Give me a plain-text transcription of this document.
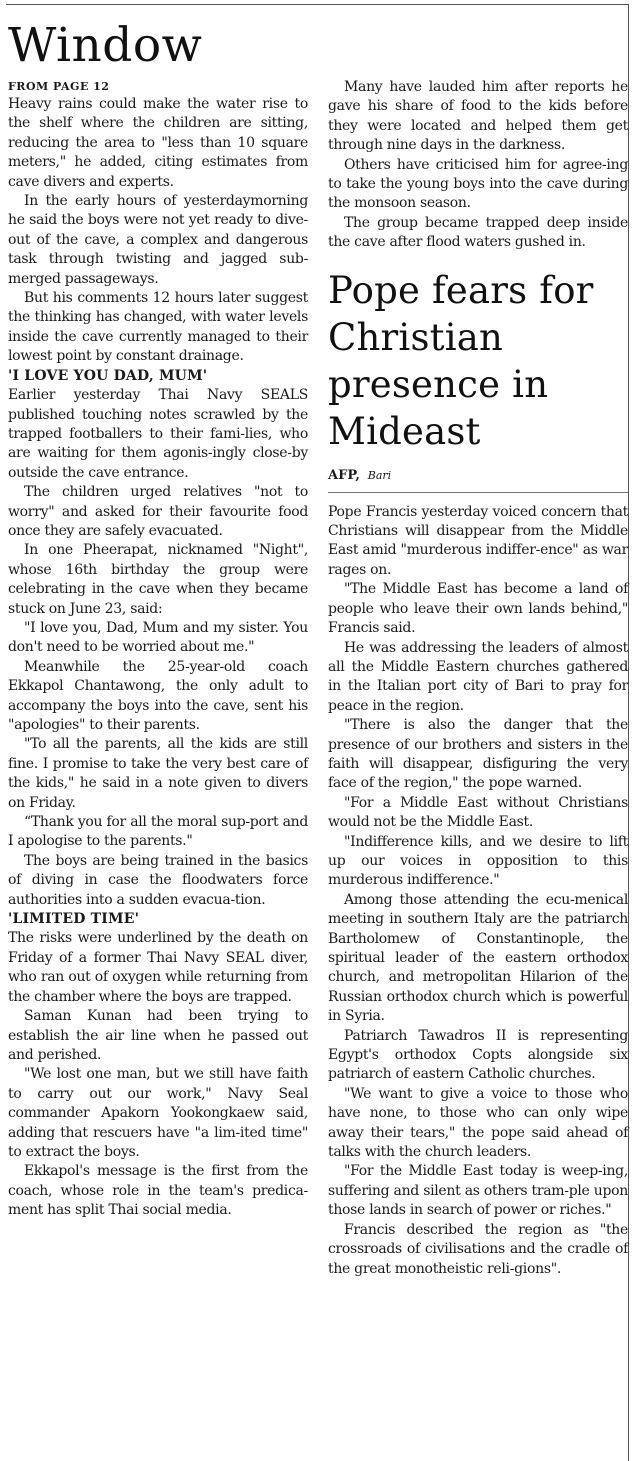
Window
FROM PAGE 12

Heavy rains could make the water rise to the shelf where the children are sitting, reducing the area to "less than 10 square meters," he added, citing estimates from cave divers and experts.

In the early hours of yesterdaymorning he said the boys were not yet ready to dive-out of the cave, a complex and dangerous task through twisting and jagged sub-merged passageways.

But his comments 12 hours later suggest the thinking has changed, with water levels inside the cave currently managed to their lowest point by constant drainage.

'I LOVE YOU DAD, MUM'

Earlier yesterday Thai Navy SEALS published touching notes scrawled by the trapped footballers to their fami-lies, who are waiting for them agonis-ingly close-by outside the cave entrance.

The children urged relatives "not to worry" and asked for their favourite food once they are safely evacuated.

In one Pheerapat, nicknamed "Night", whose 16th birthday the group were celebrating in the cave when they became stuck on June 23, said:

"I love you, Dad, Mum and my sister. You don't need to be worried about me."

Meanwhile the 25-year-old coach Ekkapol Chantawong, the only adult to accompany the boys into the cave, sent his "apologies" to their parents.

"To all the parents, all the kids are still fine. I promise to take the very best care of the kids," he said in a note given to divers on Friday.

“Thank you for all the moral sup-port and I apologise to the parents."

The boys are being trained in the basics of diving in case the floodwaters force authorities into a sudden evacua-tion.

'LIMITED TIME'

The risks were underlined by the death on Friday of a former Thai Navy SEAL diver, who ran out of oxygen while returning from the chamber where the boys are trapped.

Saman Kunan had been trying to establish the air line when he passed out and perished.

"We lost one man, but we still have faith to carry out our work," Navy Seal commander Apakorn Yookongkaew said, adding that rescuers have "a lim-ited time" to extract the boys.

Ekkapol's message is the first from the coach, whose role in the team's predica-ment has split Thai social media.

Many have lauded him after reports he gave his share of food to the kids before they were located and helped them get through nine days in the darkness.

Others have criticised him for agree-ing to take the young boys into the cave during the monsoon season.

The group became trapped deep inside the cave after flood waters gushed in.

Pope fears for Christian presence in Mideast
AFP, Bari

Pope Francis yesterday voiced concern that Christians will disappear from the Middle East amid "murderous indiffer-ence" as war rages on.

"The Middle East has become a land of people who leave their own lands behind," Francis said.

He was addressing the leaders of almost all the Middle Eastern churches gathered in the Italian port city of Bari to pray for peace in the region.

"There is also the danger that the presence of our brothers and sisters in the faith will disappear, disfiguring the very face of the region," the pope warned.

"For a Middle East without Christians would not be the Middle East.

"Indifference kills, and we desire to lift up our voices in opposition to this murderous indifference."

Among those attending the ecu-menical meeting in southern Italy are the patriarch Bartholomew of Constantinople, the spiritual leader of the eastern orthodox church, and metropolitan Hilarion of the Russian orthodox church which is powerful in Syria.

Patriarch Tawadros II is representing Egypt's orthodox Copts alongside six patriarch of eastern Catholic churches.

"We want to give a voice to those who have none, to those who can only wipe away their tears," the pope said ahead of talks with the church leaders.

"For the Middle East today is weep-ing, suffering and silent as others tram-ple upon those lands in search of power or riches."

Francis described the region as "the crossroads of civilisations and the cradle of the great monotheistic reli-gions".
